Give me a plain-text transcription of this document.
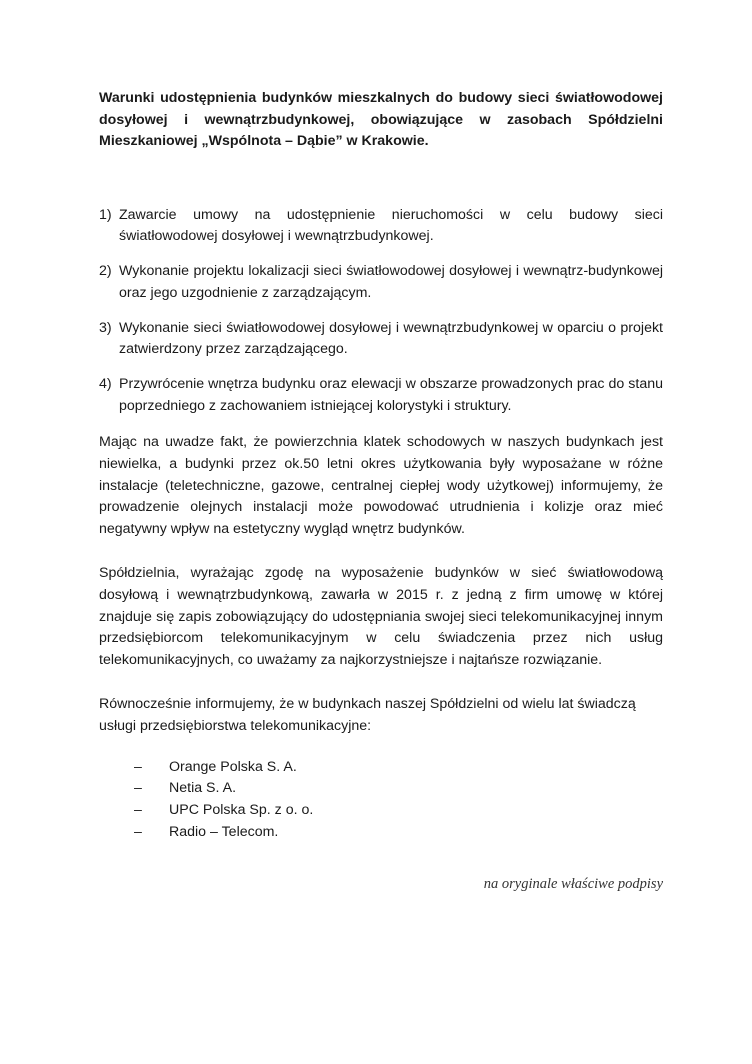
Warunki udostępnienia budynków mieszkalnych do budowy sieci światłowodowej dosyłowej i wewnątrzbudynkowej, obowiązujące w zasobach Spółdzielni Mieszkaniowej „Wspólnota – Dąbie” w Krakowie.

1) Zawarcie umowy na udostępnienie nieruchomości w celu budowy sieci światłowodowej dosyłowej i wewnątrzbudynkowej.
2) Wykonanie projektu lokalizacji sieci światłowodowej dosyłowej i wewnątrz-budynkowej oraz jego uzgodnienie z zarządzającym.
3) Wykonanie sieci światłowodowej dosyłowej i wewnątrzbudynkowej w oparciu o projekt zatwierdzony przez zarządzającego.
4) Przywrócenie wnętrza budynku oraz elewacji w obszarze prowadzonych prac do stanu poprzedniego z zachowaniem istniejącej kolorystyki i struktury.

Mając na uwadze fakt, że powierzchnia klatek schodowych w naszych budynkach jest niewielka, a budynki przez ok.50 letni okres użytkowania były wyposażane w różne instalacje (teletechniczne, gazowe, centralnej ciepłej wody użytkowej) informujemy, że prowadzenie olejnych instalacji może powodować utrudnienia i kolizje oraz mieć negatywny wpływ na estetyczny wygląd wnętrz budynków.

Spółdzielnia, wyrażając zgodę na wyposażenie budynków w sieć światłowodową dosyłową i wewnątrzbudynkową, zawarła w 2015 r. z jedną z firm umowę w której znajduje się zapis zobowiązujący do udostępniania swojej sieci telekomunikacyjnej innym przedsiębiorcom telekomunikacyjnym w celu świadczenia przez nich usług telekomunikacyjnych, co uważamy za najkorzystniejsze i najtańsze rozwiązanie.

Równocześnie informujemy, że w budynkach naszej Spółdzielni od wielu lat świadczą usługi przedsiębiorstwa telekomunikacyjne:

– Orange Polska S. A.
– Netia S. A.
– UPC Polska Sp. z o. o.
– Radio – Telecom.
na oryginale właściwe podpisy
